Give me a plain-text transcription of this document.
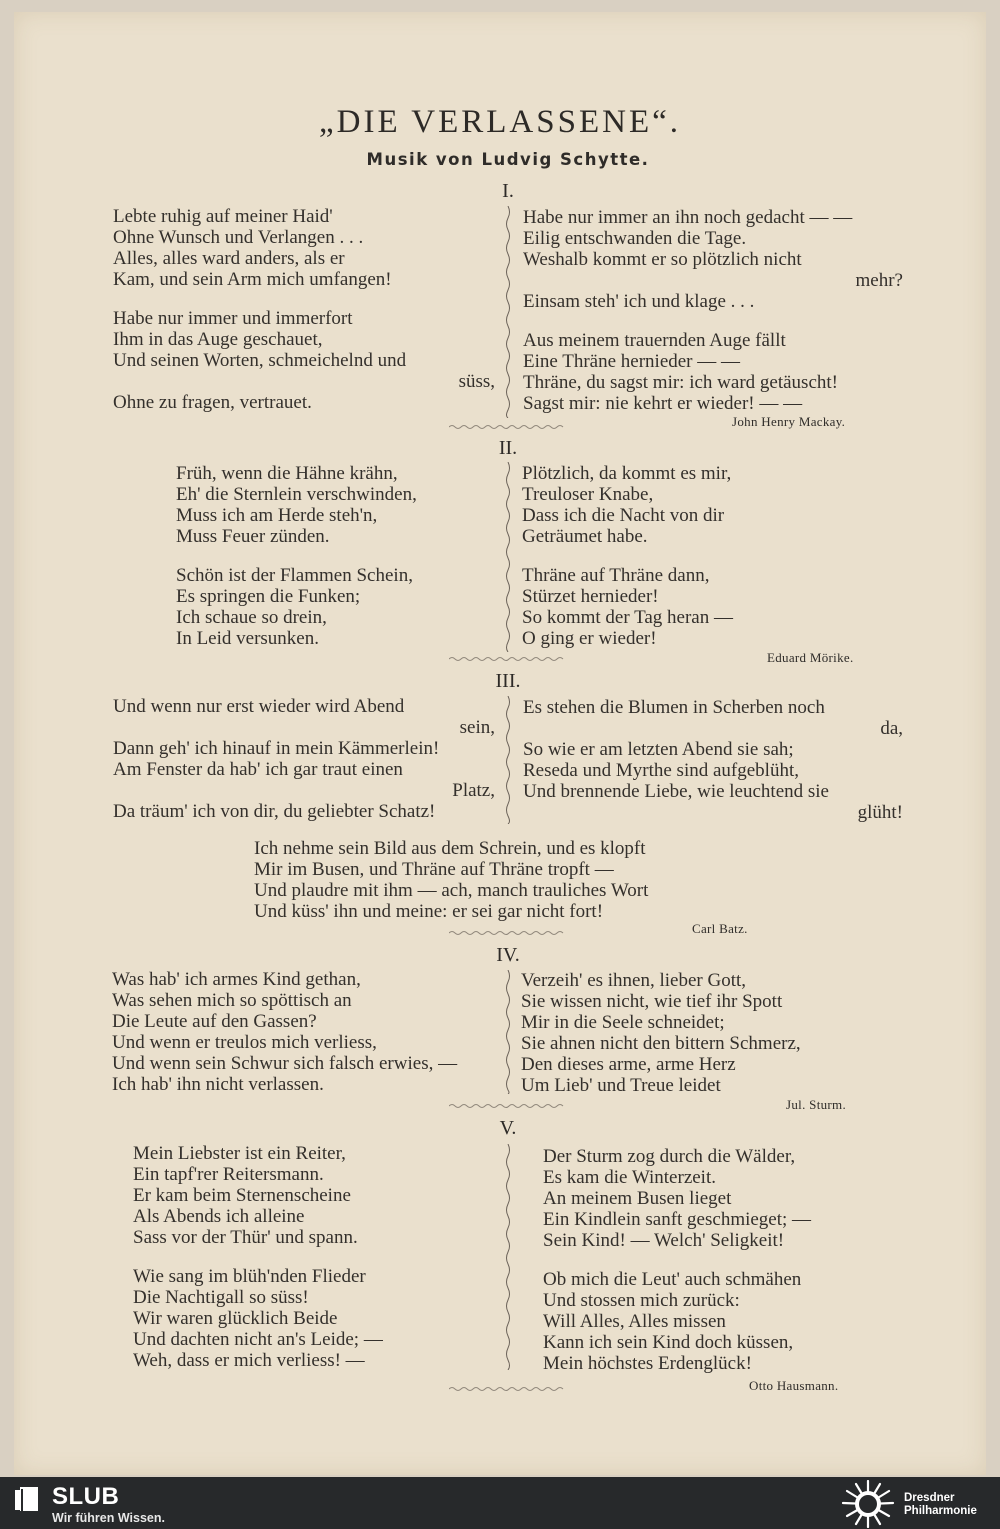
„DIE VERLASSENE“.
Musik von Ludvig Schytte.
I.
Lebte ruhig auf meiner Haid'
Ohne Wunsch und Verlangen . . .
Alles, alles ward anders, als er
Kam, und sein Arm mich umfangen!
Habe nur immer und immerfort
Ihm in das Auge geschauet,
Und seinen Worten, schmeichelnd und
süss,
Ohne zu fragen, vertrauet.
Habe nur immer an ihn noch gedacht — —
Eilig entschwanden die Tage.
Weshalb kommt er so plötzlich nicht
mehr?
Einsam steh' ich und klage . . .
Aus meinem trauernden Auge fällt
Eine Thräne hernieder — —
Thräne, du sagst mir: ich ward getäuscht!
Sagst mir: nie kehrt er wieder! — —
John Henry Mackay.
II.
Früh, wenn die Hähne krähn,
Eh' die Sternlein verschwinden,
Muss ich am Herde steh'n,
Muss Feuer zünden.
Schön ist der Flammen Schein,
Es springen die Funken;
Ich schaue so drein,
In Leid versunken.
Plötzlich, da kommt es mir,
Treuloser Knabe,
Dass ich die Nacht von dir
Geträumet habe.
Thräne auf Thräne dann,
Stürzet hernieder!
So kommt der Tag heran —
O ging er wieder!
Eduard Mörike.
III.
Und wenn nur erst wieder wird Abend
sein,
Dann geh' ich hinauf in mein Kämmerlein!
Am Fenster da hab' ich gar traut einen
Platz,
Da träum' ich von dir, du geliebter Schatz!
Es stehen die Blumen in Scherben noch
da,
So wie er am letzten Abend sie sah;
Reseda und Myrthe sind aufgeblüht,
Und brennende Liebe, wie leuchtend sie
glüht!
Ich nehme sein Bild aus dem Schrein, und es klopft
Mir im Busen, und Thräne auf Thräne tropft —
Und plaudre mit ihm — ach, manch trauliches Wort
Und küss' ihn und meine: er sei gar nicht fort!
Carl Batz.
IV.
Was hab' ich armes Kind gethan,
Was sehen mich so spöttisch an
Die Leute auf den Gassen?
Und wenn er treulos mich verliess,
Und wenn sein Schwur sich falsch erwies, —
Ich hab' ihn nicht verlassen.
Verzeih' es ihnen, lieber Gott,
Sie wissen nicht, wie tief ihr Spott
Mir in die Seele schneidet;
Sie ahnen nicht den bittern Schmerz,
Den dieses arme, arme Herz
Um Lieb' und Treue leidet
Jul. Sturm.
V.
Mein Liebster ist ein Reiter,
Ein tapf'rer Reitersmann.
Er kam beim Sternenscheine
Als Abends ich alleine
Sass vor der Thür' und spann.
Wie sang im blüh'nden Flieder
Die Nachtigall so süss!
Wir waren glücklich Beide
Und dachten nicht an's Leide; —
Weh, dass er mich verliess! —
Der Sturm zog durch die Wälder,
Es kam die Winterzeit.
An meinem Busen lieget
Ein Kindlein sanft geschmieget; —
Sein Kind! — Welch' Seligkeit!
Ob mich die Leut' auch schmähen
Und stossen mich zurück:
Will Alles, Alles missen
Kann ich sein Kind doch küssen,
Mein höchstes Erdenglück!
Otto Hausmann.
SLUB
Wir führen Wissen.
Dresdner
Philharmonie
